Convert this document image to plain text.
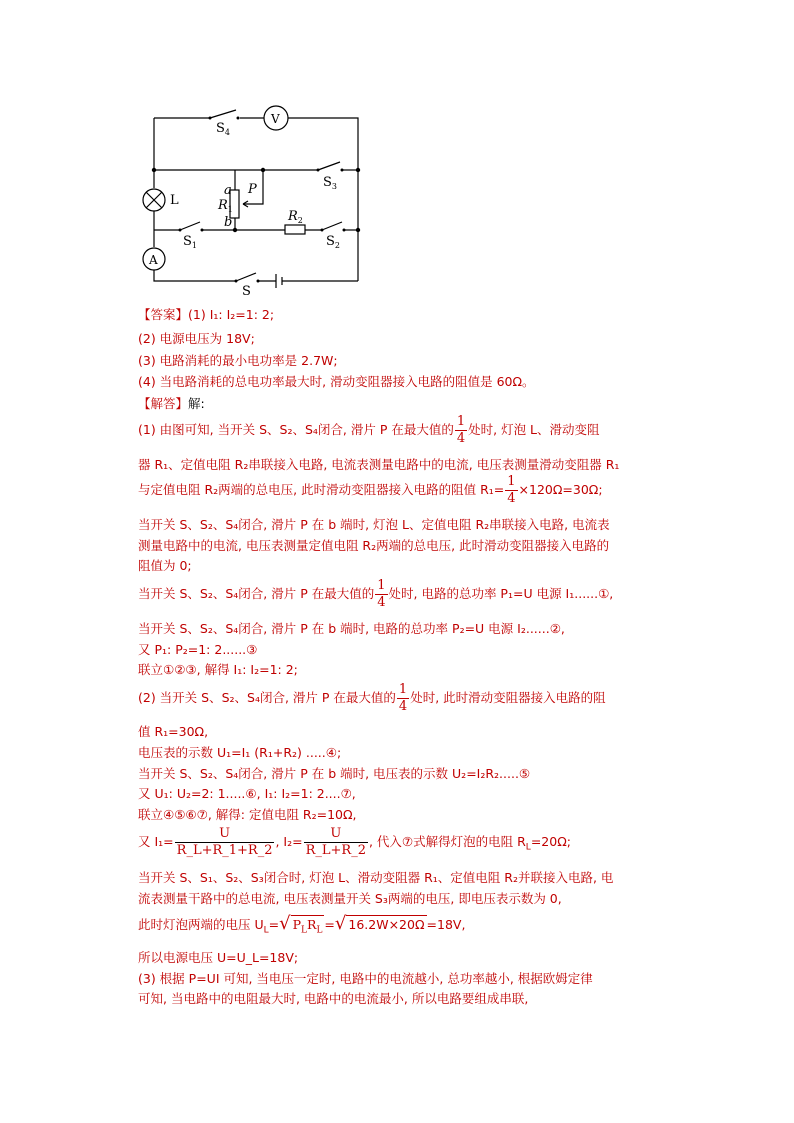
$S_4$
V
$S_3$
L
a P
$R_1$
b	$R_2$
$S_1$	$S_2$
A
S
【答案】(1) I₁: I₂=1: 2;
(2) 电源电压为 18V;
(3) 电路消耗的最小电功率是 2.7W;
(4) 当电路消耗的总电功率最大时, 滑动变阻器接入电路的阻值是 60Ω。
【解答】解:
(1) 由图可知, 当开关 S、S₂、S₄闭合, 滑片 P 在最大值的 $\frac{1}{4}$ 处时, 灯泡 L、滑动变阻
器 R₁、定值电阻 R₂串联接入电路, 电流表测量电路中的电流, 电压表测量滑动变阻器 R₁
与定值电阻 R₂两端的总电压, 此时滑动变阻器接入电路的阻值 $R_1= \frac{1}{4} \times 120\Omega=30\Omega$;
当开关 S、S₂、S₄闭合, 滑片 P 在 b 端时, 灯泡 L、定值电阻 R₂串联接入电路, 电流表
测量电路中的电流, 电压表测量定值电阻 R₂两端的总电压, 此时滑动变阻器接入电路的
阻值为 0;
当开关 S、S₂、S₄闭合, 滑片 P 在最大值的 $\frac{1}{4}$ 处时, 电路的总功率 P₁=U 电源 I₁......①,
当开关 S、S₂、S₄闭合, 滑片 P 在 b 端时, 电路的总功率 P₂=U 电源 I₂......②,
又 P₁: P₂=1: 2......③
联立①②③, 解得 I₁: I₂=1: 2;
(2) 当开关 S、S₂、S₄闭合, 滑片 P 在最大值的 $\frac{1}{4}$ 处时, 此时滑动变阻器接入电路的阻
值 R₁=30Ω,
电压表的示数 U₁=I₁ (R₁+R₂) .....④;
当开关 S、S₂、S₄闭合, 滑片 P 在 b 端时, 电压表的示数 U₂=I₂R₂.....⑤
又 U₁: U₂=2: 1.....⑥, I₁: I₂=1: 2....⑦,
联立④⑤⑥⑦, 解得: 定值电阻 R₂=10Ω,
又 $I_1= \frac{U}{R\_L+R\_1+R\_2}$ , $I_2= \frac{U}{R\_L+R\_2}$ , 代入⑦式解得灯泡的电阻 $R_L=20\Omega$;
当开关 S、S₁、S₂、S₃闭合时, 灯泡 L、滑动变阻器 R₁、定值电阻 R₂并联接入电路, 电
流表测量干路中的总电流, 电压表测量开关 S₃两端的电压, 即电压表示数为 0,
此时灯泡两端的电压 $U_L=√$ $P_LR_L$ =√ 16.2W×20Ω =18V,
所以电源电压 U=U_L=18V;
(3) 根据 P=UI 可知, 当电压一定时, 电路中的电流越小, 总功率越小, 根据欧姆定律
可知, 当电路中的电阻最大时, 电路中的电流最小, 所以电路要组成串联,
